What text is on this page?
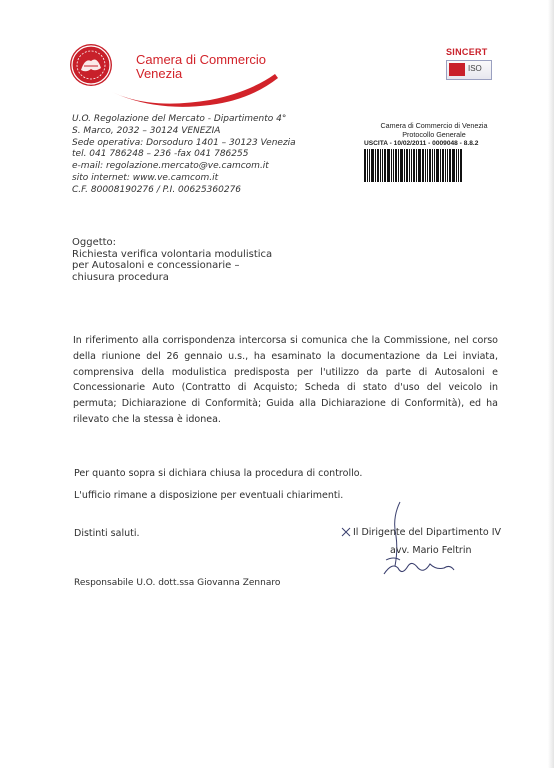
Camera di Commercio
Venezia
SINCERT
ISO
U.O. Regolazione del Mercato - Dipartimento 4°
S. Marco, 2032 – 30124 VENEZIA
Sede operativa: Dorsoduro 1401 – 30123 Venezia
tel. 041 786248 – 236 -fax 041 786255
e-mail: regolazione.mercato@ve.camcom.it
sito internet: www.ve.camcom.it
C.F. 80008190276 / P.I. 00625360276
Camera di Commercio di Venezia
Protocollo Generale
USCITA - 10/02/2011 - 0009048 - 8.8.2
Oggetto:
Richiesta verifica volontaria modulistica
per Autosaloni e concessionarie –
chiusura procedura
In riferimento alla corrispondenza intercorsa si comunica che la Commissione, nel corso della riunione del 26 gennaio u.s., ha esaminato la documentazione da Lei inviata, comprensiva della modulistica predisposta per l'utilizzo da parte di Autosaloni e Concessionarie Auto (Contratto di Acquisto; Scheda di stato d'uso del veicolo in permuta; Dichiarazione di Conformità; Guida alla Dichiarazione di Conformità), ed ha rilevato che la stessa è idonea.
Per quanto sopra si dichiara chiusa la procedura di controllo.
L'ufficio rimane a disposizione per eventuali chiarimenti.
Distinti saluti.	Il Dirigente del Dipartimento IV
avv. Mario Feltrin
Responsabile U.O. dott.ssa Giovanna Zennaro
